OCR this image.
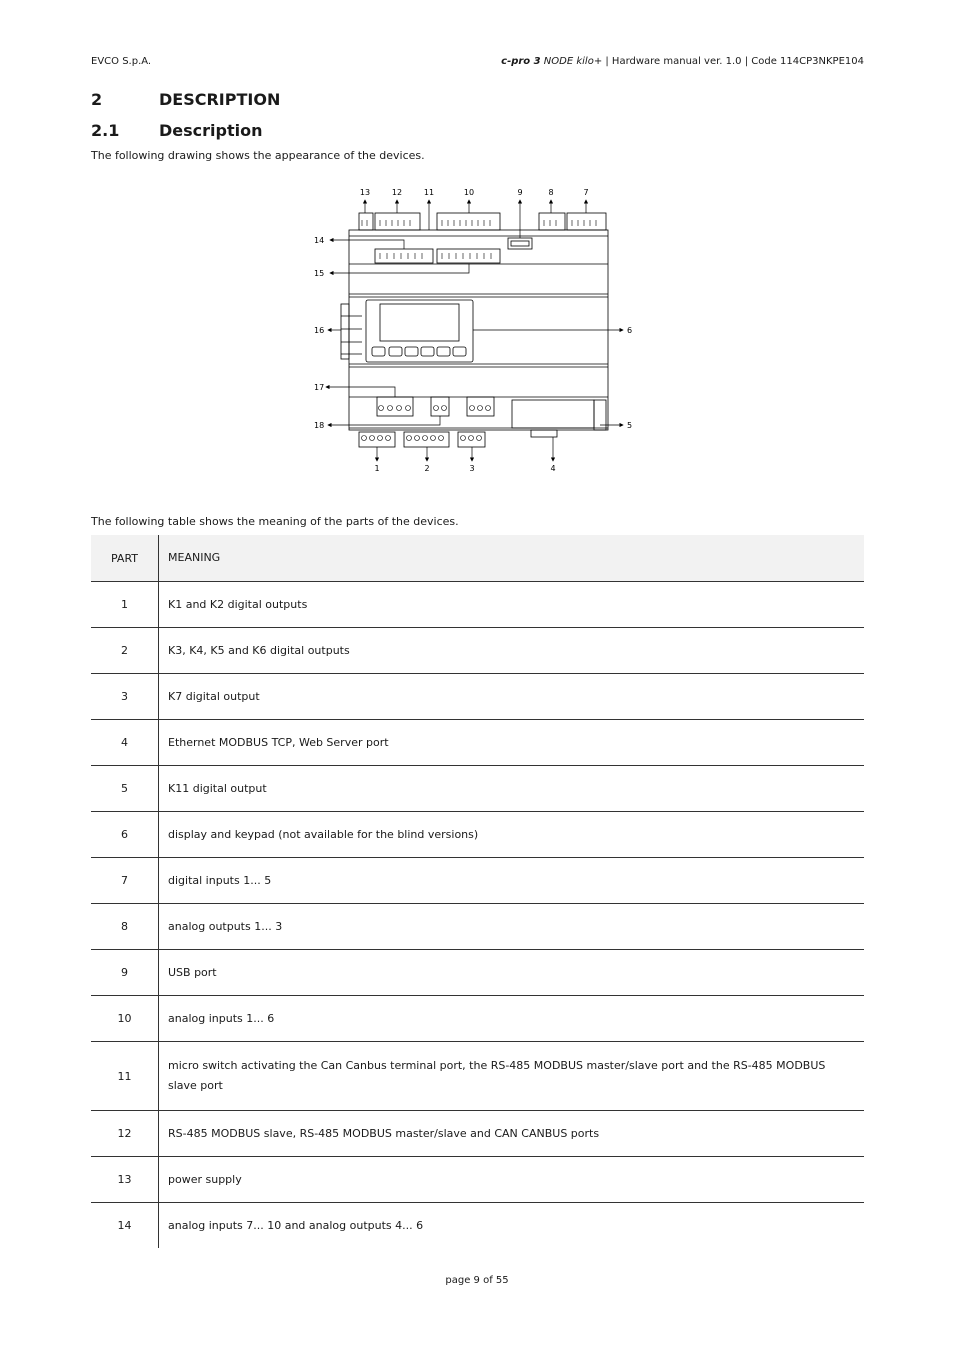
EVCO S.p.A.	c-pro 3 NODE kilo+ | Hardware manual ver. 1.0 | Code 114CP3NKPE104
2	DESCRIPTION
2.1 Description
The following drawing shows the appearance of the devices.
13	12	11	10	9	8	7
14
15
16
17
18
6
5
1	2	3	4
The following table shows the meaning of the parts of the devices.
PART	MEANING
1	K1 and K2 digital outputs
2	K3, K4, K5 and K6 digital outputs
3	K7 digital output
4	Ethernet MODBUS TCP, Web Server port
5	K11 digital output
6	display and keypad (not available for the blind versions)
7	digital inputs 1... 5
8	analog outputs 1... 3
9	USB port
10	analog inputs 1... 6
11	micro switch activating the Can Canbus terminal port, the RS-485 MODBUS master/slave port and the RS-485 MODBUS slave port
12	RS-485 MODBUS slave, RS-485 MODBUS master/slave and CAN CANBUS ports
13	power supply
14	analog inputs 7... 10 and analog outputs 4... 6
page 9 of 55
